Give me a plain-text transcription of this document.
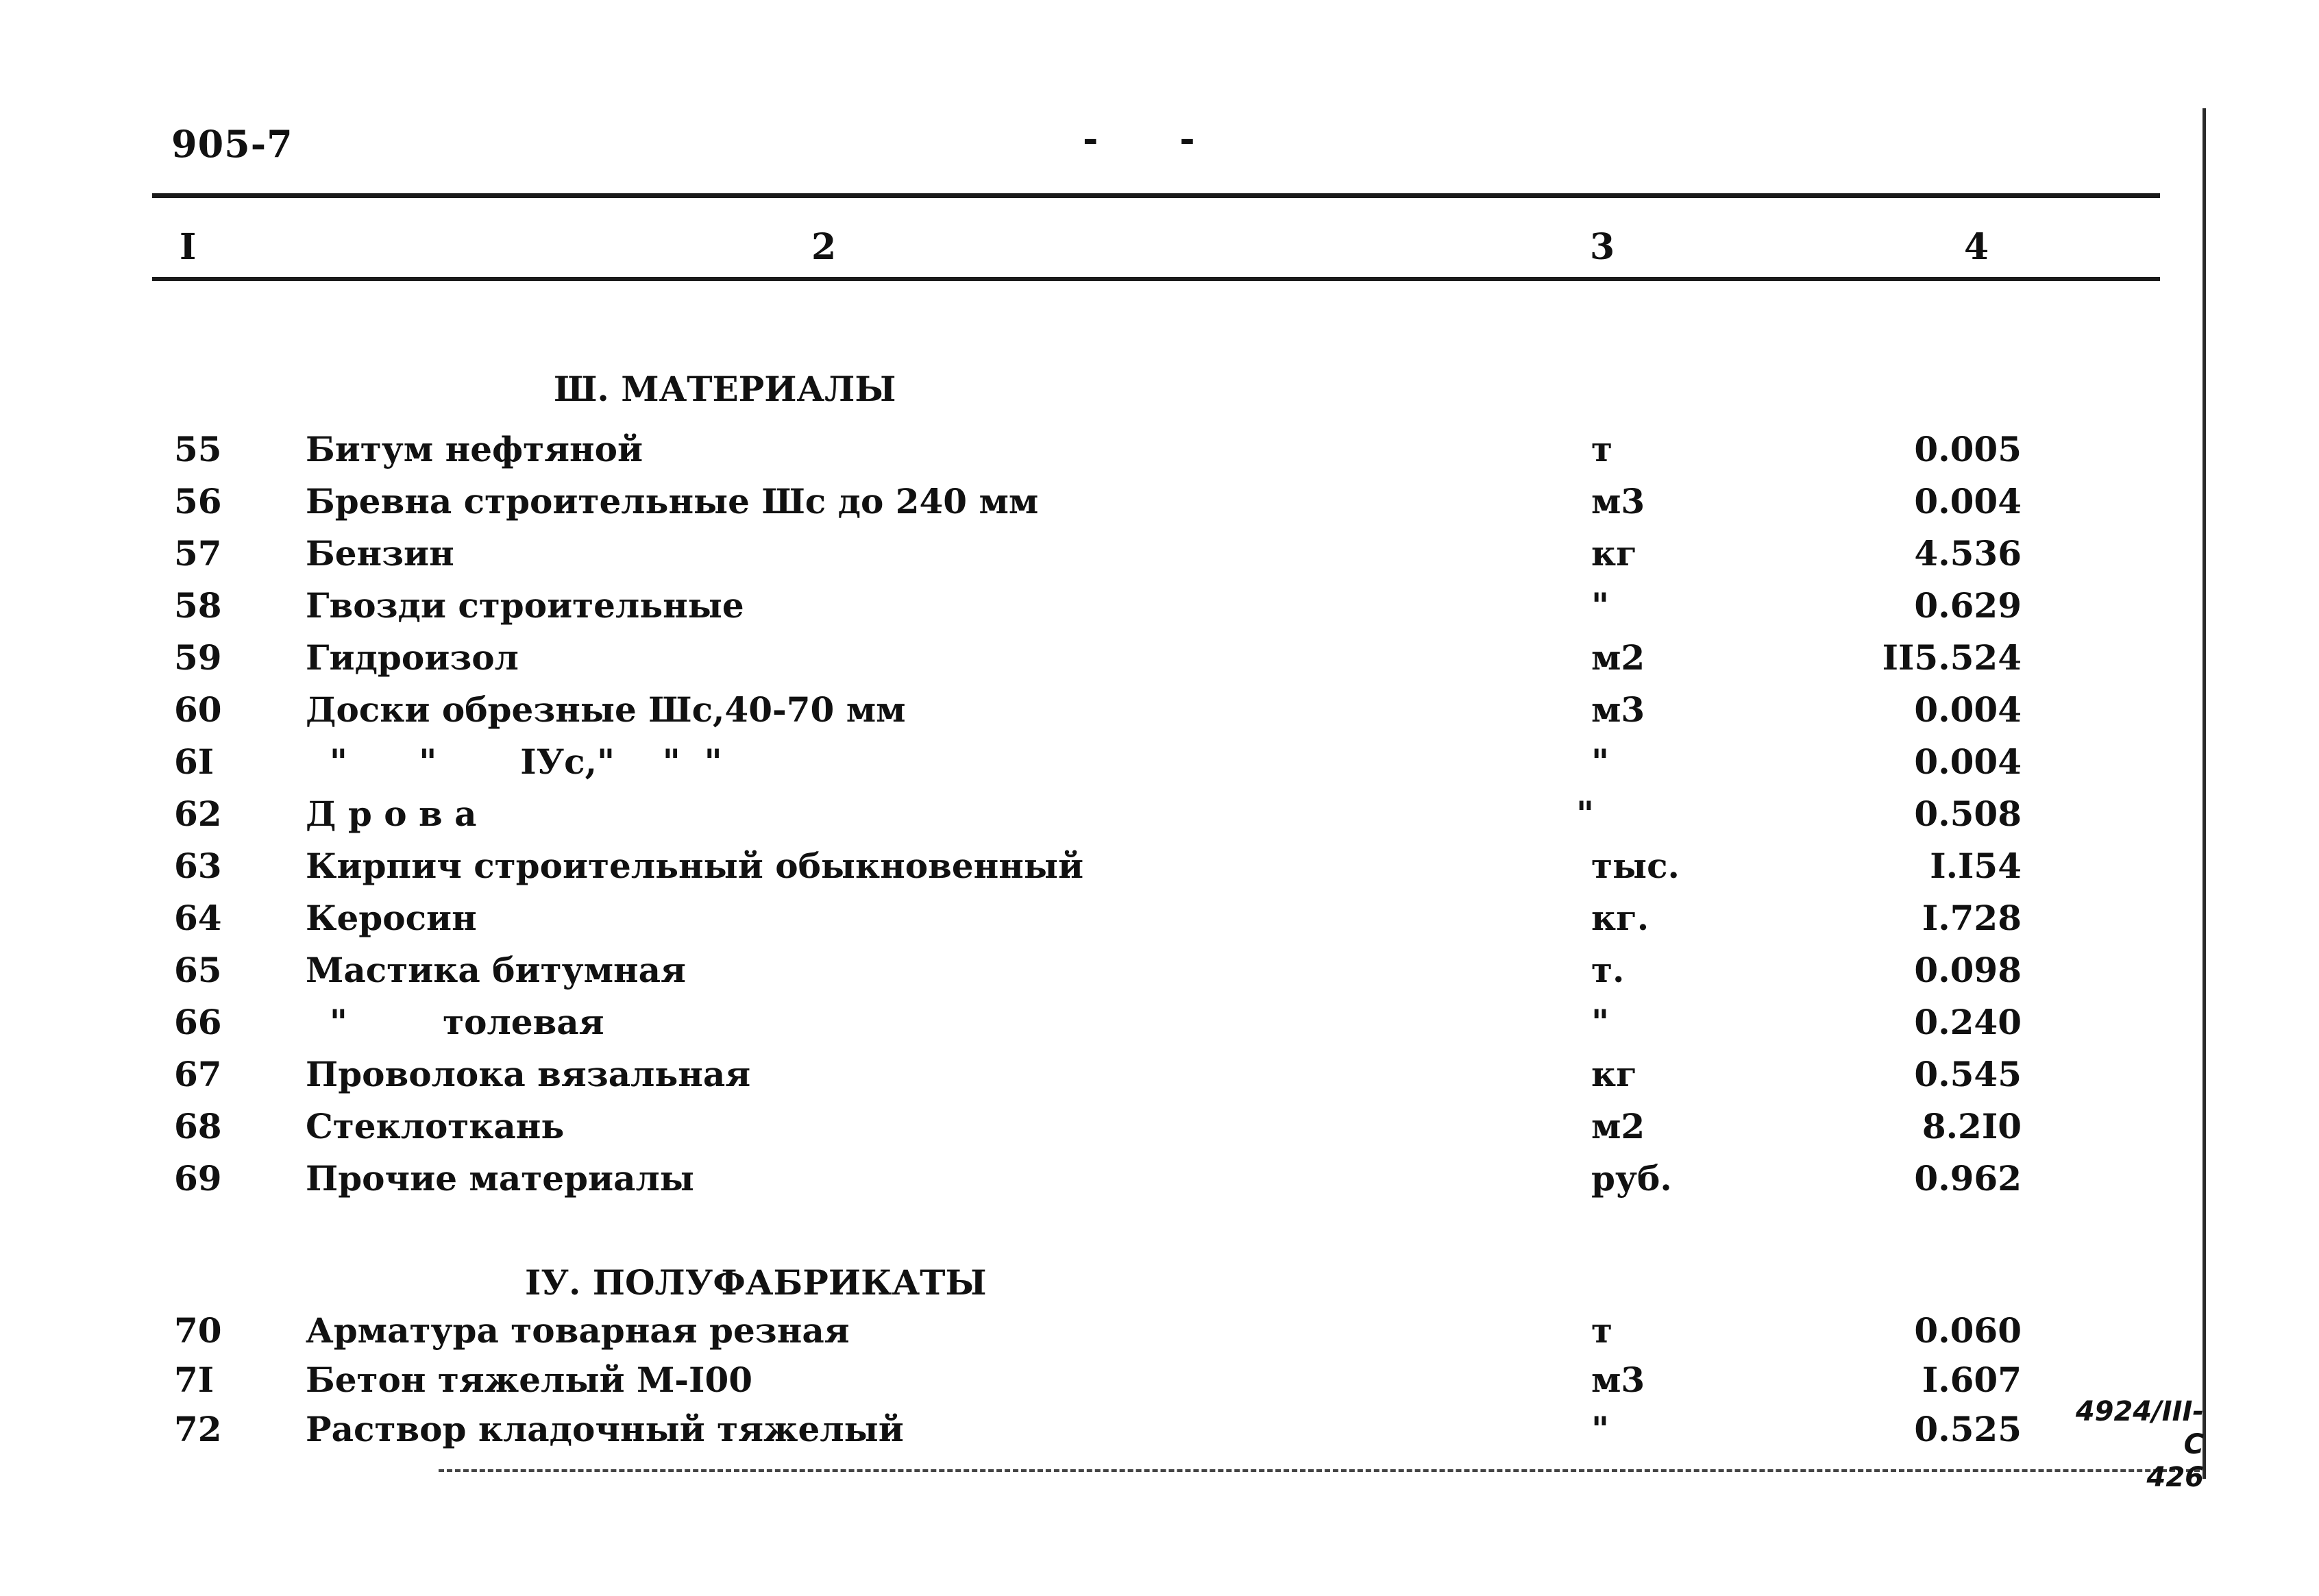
905-7	- -
I	2	3	4
Ш. МАТЕРИАЛЫ
55 Битум нефтяной	т	0.005
56 Бревна строительные Шс до 240 мм	м3	0.004
57 Бензин	кг	4.536
58 Гвозди строительные	"	0.629
59 Гидроизол	м2	II5.524
60 Доски обрезные Шс,40-70 мм	м3	0.004
6I	"      "       IУс,"    "  "	"	0.004
62 Д р о в а	"	0.508
63 Кирпич строительный обыкновенный	тыс.	I.I54
64 Керосин	кг.	I.728
65 Мастика битумная	т.	0.098
66 "        толевая	"	0.240
67 Проволока вязальная	кг	0.545
68 Стеклоткань	м2	8.2I0
69 Прочие материалы	руб.	0.962
IУ. ПОЛУФАБРИКАТЫ
70 Арматура товарная резная	т	0.060
7I	Бетон тяжелый М-I00	м3	I.607
72 Раствор кладочный тяжелый	"	0.525	4924/III-С
426
